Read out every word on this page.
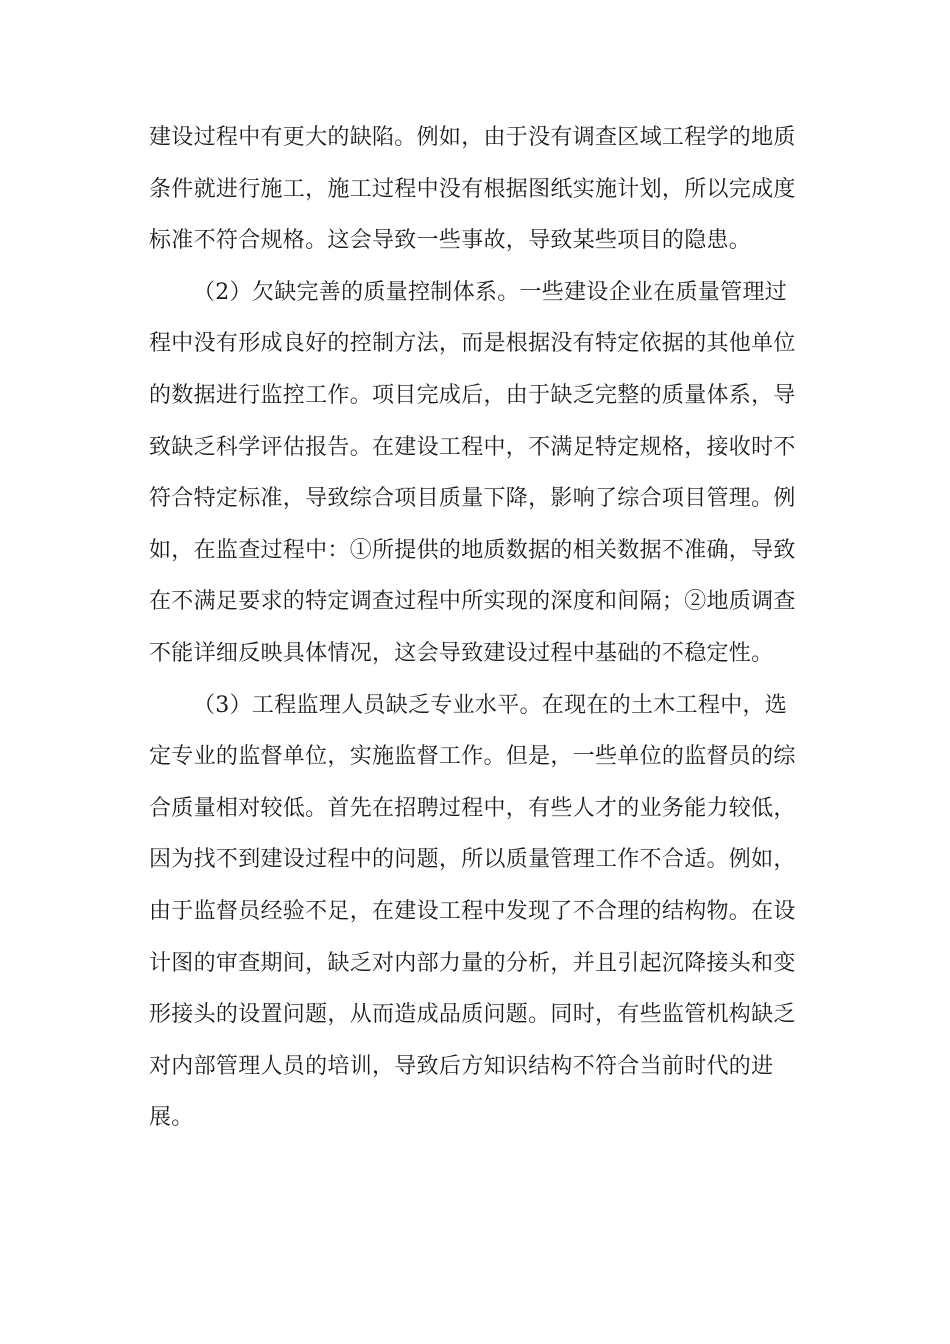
建设过程中有更大的缺陷。例如，由于没有调查区域工程学的地质
条件就进行施工，施工过程中没有根据图纸实施计划，所以完成度
标准不符合规格。这会导致一些事故，导致某些项目的隐患。
（2）欠缺完善的质量控制体系。一些建设企业在质量管理过
程中没有形成良好的控制方法，而是根据没有特定依据的其他单位
的数据进行监控工作。项目完成后，由于缺乏完整的质量体系，导
致缺乏科学评估报告。在建设工程中，不满足特定规格，接收时不
符合特定标准，导致综合项目质量下降，影响了综合项目管理。例
如，在监查过程中：①所提供的地质数据的相关数据不准确，导致
在不满足要求的特定调查过程中所实现的深度和间隔；②地质调查
不能详细反映具体情况，这会导致建设过程中基础的不稳定性。
（3）工程监理人员缺乏专业水平。在现在的土木工程中，选
定专业的监督单位，实施监督工作。但是，一些单位的监督员的综
合质量相对较低。首先在招聘过程中，有些人才的业务能力较低，
因为找不到建设过程中的问题，所以质量管理工作不合适。例如，
由于监督员经验不足，在建设工程中发现了不合理的结构物。在设
计图的审查期间，缺乏对内部力量的分析，并且引起沉降接头和变
形接头的设置问题，从而造成品质问题。同时，有些监管机构缺乏
对内部管理人员的培训，导致后方知识结构不符合当前时代的进
展。
